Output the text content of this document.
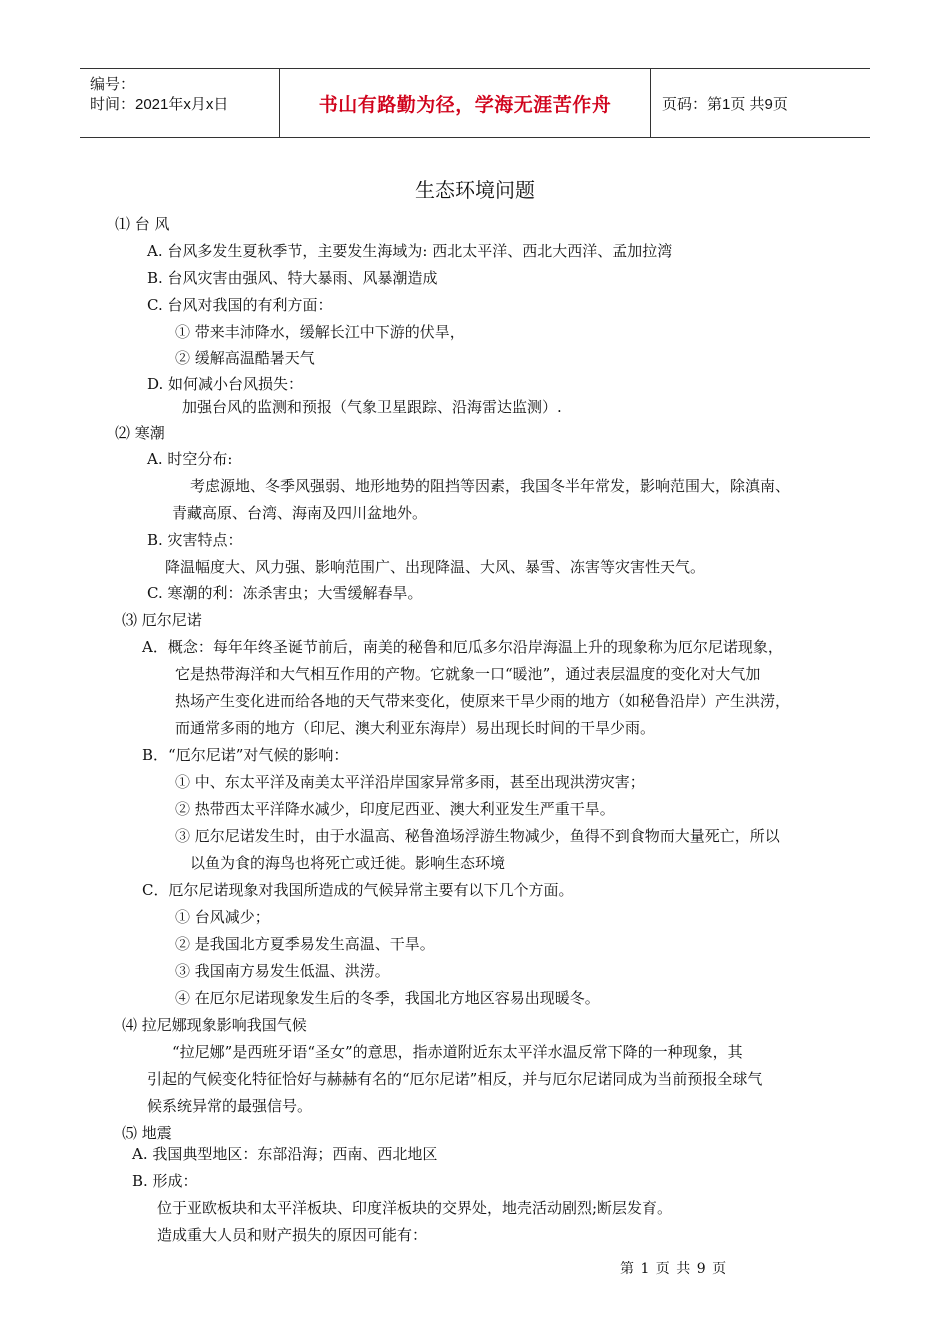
编号：
时间：2021年x月x日	书山有路勤为径，学海无涯苦作舟	页码：第1页 共9页
生态环境问题
⑴ 台 风
A. 台风多发生夏秋季节，主要发生海域为: 西北太平洋、西北大西洋、孟加拉湾
B. 台风灾害由强风、特大暴雨、风暴潮造成
C. 台风对我国的有利方面：
① 带来丰沛降水，缓解长江中下游的伏旱，
② 缓解高温酷暑天气
D. 如何减小台风损失：
加强台风的监测和预报（气象卫星跟踪、沿海雷达监测）.
⑵ 寒潮
A. 时空分布:
考虑源地、冬季风强弱、地形地势的阻挡等因素，我国冬半年常发，影响范围大，除滇南、
青藏高原、台湾、海南及四川盆地外。
B. 灾害特点：
降温幅度大、风力强、影响范围广、出现降温、大风、暴雪、冻害等灾害性天气。
C. 寒潮的利：冻杀害虫；大雪缓解春旱。
⑶ 厄尔尼诺
A．概念：每年年终圣诞节前后，南美的秘鲁和厄瓜多尔沿岸海温上升的现象称为厄尔尼诺现象，
它是热带海洋和大气相互作用的产物。它就象一口“暖池”，通过表层温度的变化对大气加
热场产生变化进而给各地的天气带来变化，使原来干旱少雨的地方（如秘鲁沿岸）产生洪涝，
而通常多雨的地方（印尼、澳大利亚东海岸）易出现长时间的干旱少雨。
B．“厄尔尼诺”对气候的影响：
① 中、东太平洋及南美太平洋沿岸国家异常多雨，甚至出现洪涝灾害；
② 热带西太平洋降水减少，印度尼西亚、澳大利亚发生严重干旱。
③ 厄尔尼诺发生时，由于水温高、秘鲁渔场浮游生物减少，鱼得不到食物而大量死亡，所以
以鱼为食的海鸟也将死亡或迁徙。影响生态环境
C．厄尔尼诺现象对我国所造成的气候异常主要有以下几个方面。
① 台风减少；
② 是我国北方夏季易发生高温、干旱。
③ 我国南方易发生低温、洪涝。
④ 在厄尔尼诺现象发生后的冬季，我国北方地区容易出现暖冬。
⑷ 拉尼娜现象影响我国气候
“拉尼娜”是西班牙语“圣女”的意思，指赤道附近东太平洋水温反常下降的一种现象，其
引起的气候变化特征恰好与赫赫有名的“厄尔尼诺”相反，并与厄尔尼诺同成为当前预报全球气
候系统异常的最强信号。
⑸ 地震
A. 我国典型地区：东部沿海；西南、西北地区
B. 形成：
位于亚欧板块和太平洋板块、印度洋板块的交界处，地壳活动剧烈;断层发育。
造成重大人员和财产损失的原因可能有：
第 1 页 共 9 页
